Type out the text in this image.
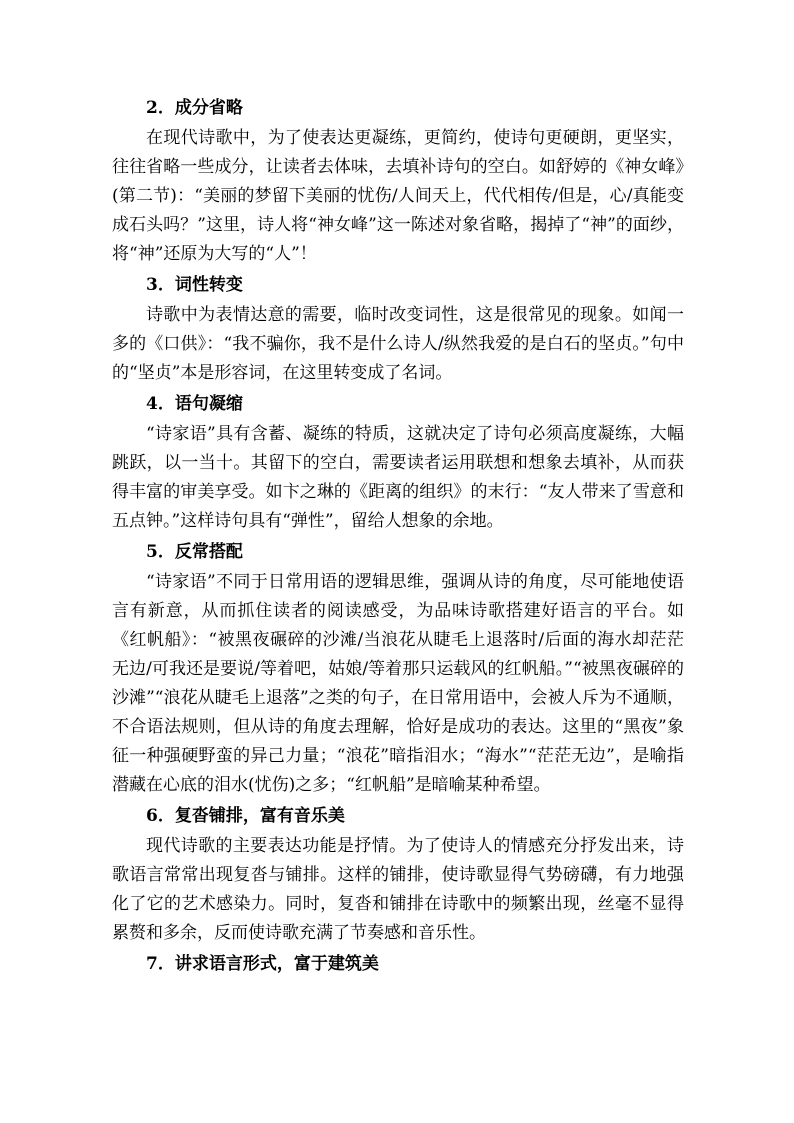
2．成分省略

在现代诗歌中，为了使表达更凝练，更简约，使诗句更硬朗，更坚实，往往省略一些成分，让读者去体味，去填补诗句的空白。如舒婷的《神女峰》(第二节)：“美丽的梦留下美丽的忧伤/人间天上，代代相传/但是，心/真能变成石头吗？”这里，诗人将“神女峰”这一陈述对象省略，揭掉了“神”的面纱，将“神”还原为大写的“人”！

3．词性转变

诗歌中为表情达意的需要，临时改变词性，这是很常见的现象。如闻一多的《口供》：“我不骗你，我不是什么诗人/纵然我爱的是白石的坚贞。”句中的“坚贞”本是形容词，在这里转变成了名词。

4．语句凝缩

“诗家语”具有含蓄、凝练的特质，这就决定了诗句必须高度凝练，大幅跳跃，以一当十。其留下的空白，需要读者运用联想和想象去填补，从而获得丰富的审美享受。如卞之琳的《距离的组织》的末行：“友人带来了雪意和五点钟。”这样诗句具有“弹性”，留给人想象的余地。

5．反常搭配

“诗家语”不同于日常用语的逻辑思维，强调从诗的角度，尽可能地使语言有新意，从而抓住读者的阅读感受，为品味诗歌搭建好语言的平台。如《红帆船》：“被黑夜碾碎的沙滩/当浪花从睫毛上退落时/后面的海水却茫茫无边/可我还是要说/等着吧，姑娘/等着那只运载风的红帆船。”“被黑夜碾碎的沙滩”“浪花从睫毛上退落”之类的句子，在日常用语中，会被人斥为不通顺，不合语法规则，但从诗的角度去理解，恰好是成功的表达。这里的“黑夜”象征一种强硬野蛮的异己力量；“浪花”暗指泪水；“海水”“茫茫无边”，是喻指潜藏在心底的泪水(忧伤)之多；“红帆船”是暗喻某种希望。

6．复沓铺排，富有音乐美

现代诗歌的主要表达功能是抒情。为了使诗人的情感充分抒发出来，诗歌语言常常出现复沓与铺排。这样的铺排，使诗歌显得气势磅礴，有力地强化了它的艺术感染力。同时，复沓和铺排在诗歌中的频繁出现，丝毫不显得累赘和多余，反而使诗歌充满了节奏感和音乐性。

7．讲求语言形式，富于建筑美
